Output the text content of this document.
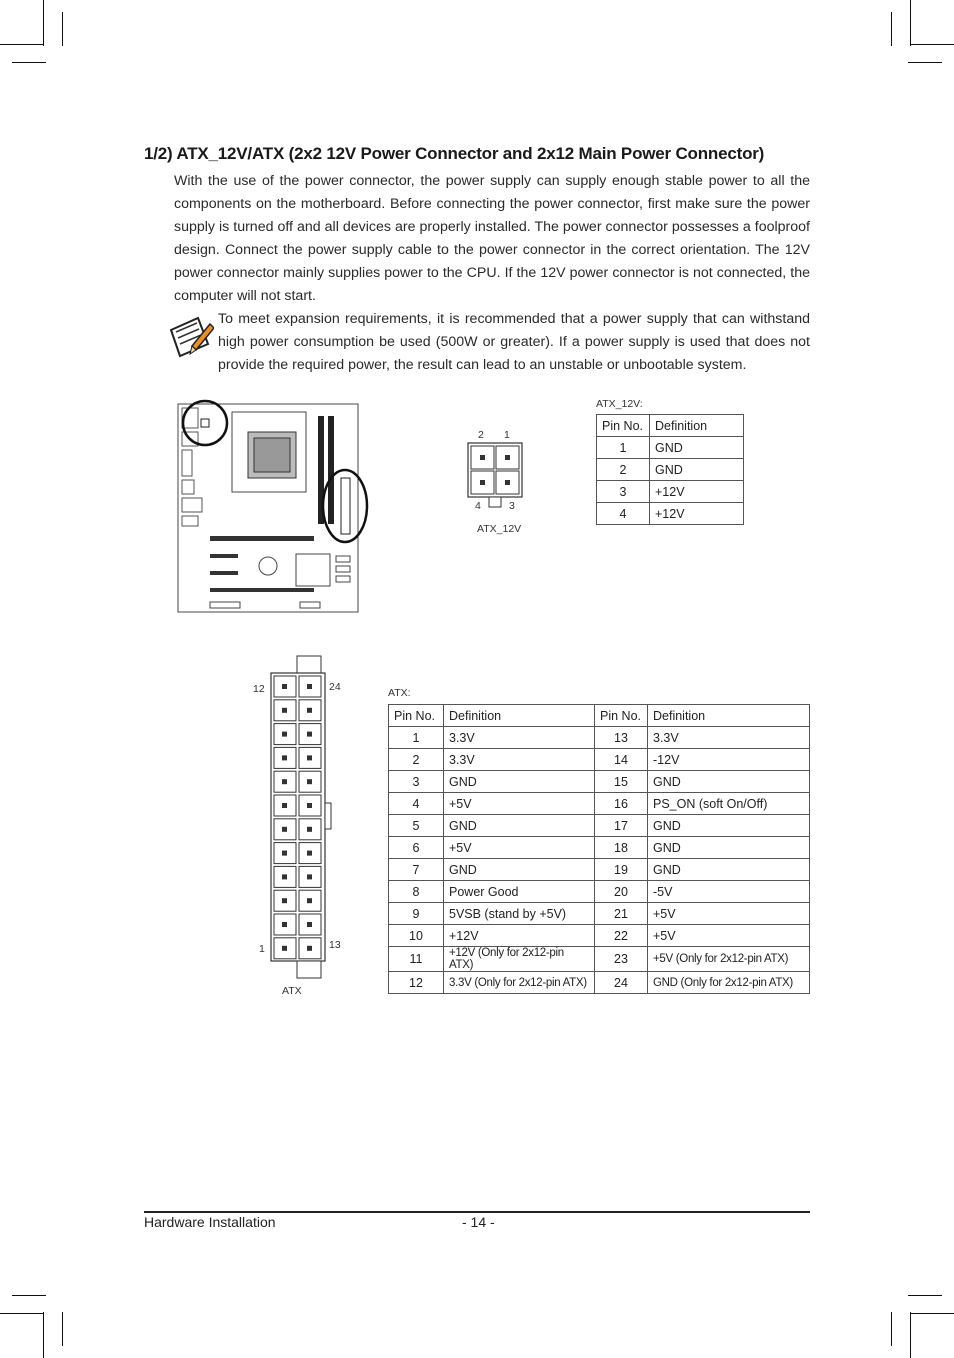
1/2) ATX_12V/ATX (2x2 12V Power Connector and 2x12 Main Power Connector)
With the use of the power connector, the power supply can supply enough stable power to all the components on the motherboard. Before connecting the power connector, first make sure the power supply is turned off and all devices are properly installed. The power connector possesses a foolproof design. Connect the power supply cable to the power connector in the correct orientation. The 12V power connector mainly supplies power to the CPU. If the 12V power connector is not connected, the computer will not start.
To meet expansion requirements, it is recommended that a power supply that can withstand high power consumption be used (500W or greater). If a power supply is used that does not provide the required power, the result can lead to an unstable or unbootable system.
2 1
4	3
ATX_12V
ATX_12V:
Pin No.	Definition
1	GND
2	GND
3	+12V
4	+12V
12	24
1	13
ATX
ATX:
Pin No.	Definition	Pin No.	Definition
1	3.3V	13	3.3V
2	3.3V	14	-12V
3	GND	15	GND
4	+5V	16	PS_ON (soft On/Off)
5	GND	17	GND
6	+5V	18	GND
7	GND	19	GND
8	Power Good	20	-5V
9	5VSB (stand by +5V)	21	+5V
10	+12V	22	+5V
11	+12V (Only for 2x12-pin ATX)	23	+5V (Only for 2x12-pin ATX)
12	3.3V (Only for 2x12-pin ATX)	24	GND (Only for 2x12-pin ATX)
Hardware Installation	- 14 -
